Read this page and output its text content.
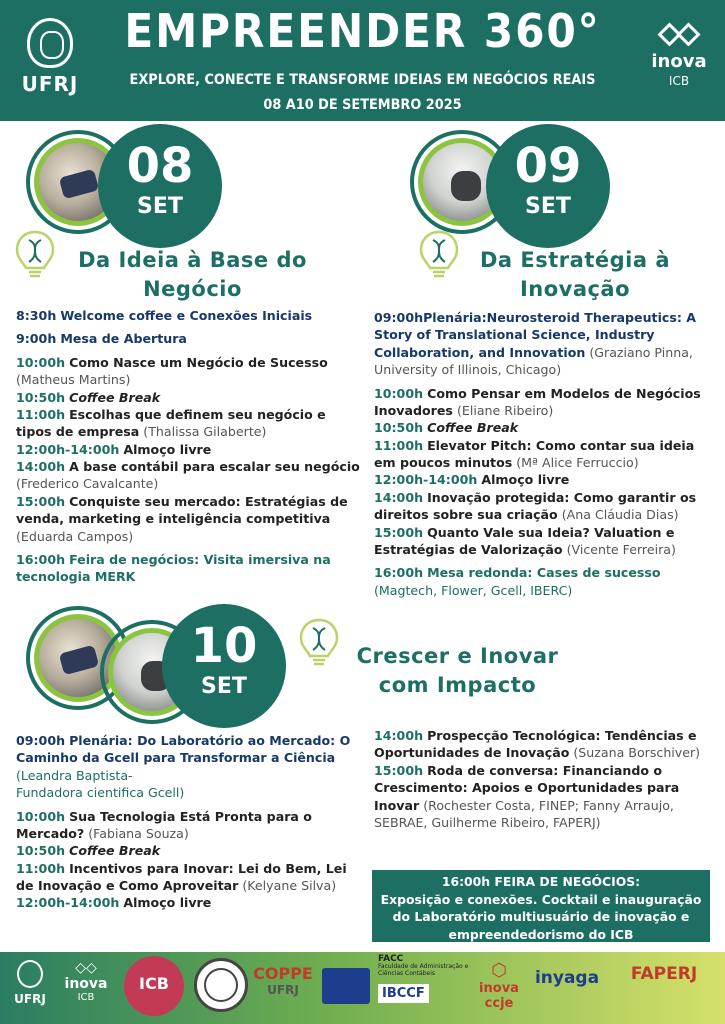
UFRJ
EMPREENDER 360°
EXPLORE, CONECTE E TRANSFORME IDEIAS EM NEGÓCIOS REAIS
08 A10 DE SETEMBRO 2025
inova
ICB
08
SET
Da Ideia à Base do
Negócio

8:30h Welcome coffee e Conexões Iniciais

9:00h Mesa de Abertura

10:00h Como Nasce um Negócio de Sucesso (Matheus Martins)

10:50h Coffee Break

11:00h Escolhas que definem seu negócio e tipos de empresa (Thalissa Gilaberte)

12:00h-14:00h Almoço livre

14:00h A base contábil para escalar seu negócio (Frederico Cavalcante)

15:00h Conquiste seu mercado: Estratégias de venda, marketing e inteligência competitiva (Eduarda Campos)

16:00h Feira de negócios: Visita imersiva na tecnologia MERK

09
SET
Da Estratégia à
Inovação

09:00hPlenária:Neurosteroid Therapeutics: A Story of Translational Science, Industry Collaboration, and Innovation (Graziano Pinna, University of Illinois, Chicago)

10:00h Como Pensar em Modelos de Negócios Inovadores (Eliane Ribeiro)

10:50h Coffee Break

11:00h Elevator Pitch: Como contar sua ideia em poucos minutos (Mª Alice Ferruccio)

12:00h-14:00h Almoço livre

14:00h Inovação protegida: Como garantir os direitos sobre sua criação (Ana Cláudia Dias)

15:00h Quanto Vale sua Ideia? Valuation e Estratégias de Valorização (Vicente Ferreira)

16:00h Mesa redonda: Cases de sucesso (Magtech, Flower, Gcell, IBERC)

10
SET
Crescer e Inovar
com Impacto

09:00h Plenária: Do Laboratório ao Mercado: O Caminho da Gcell para Transformar a Ciência (Leandra Baptista-
Fundadora cientifica Gcell)

10:00h Sua Tecnologia Está Pronta para o Mercado? (Fabiana Souza)

10:50h Coffee Break

11:00h Incentivos para Inovar: Lei do Bem, Lei de Inovação e Como Aproveitar (Kelyane Silva)

12:00h-14:00h Almoço livre

14:00h Prospecção Tecnológica: Tendências e Oportunidades de Inovação (Suzana Borschiver)

15:00h Roda de conversa: Financiando o Crescimento: Apoios e Oportunidades para Inovar (Rochester Costa, FINEP; Fanny Arraujo, SEBRAE, Guilherme Ribeiro, FAPERJ)

16:00h FEIRA DE NEGÓCIOS:
Exposição e conexões. Cocktail e inauguração do Laboratório multiusuário de inovação e empreendedorismo do ICB
UFRJ
◇◇
inova
ICB
ICB
COPPE
UFRJ
FACC
Faculdade de Administração e Ciências Contábeis
IBCCF
⬡
inova
ccje
inyaga	FAPERJ
